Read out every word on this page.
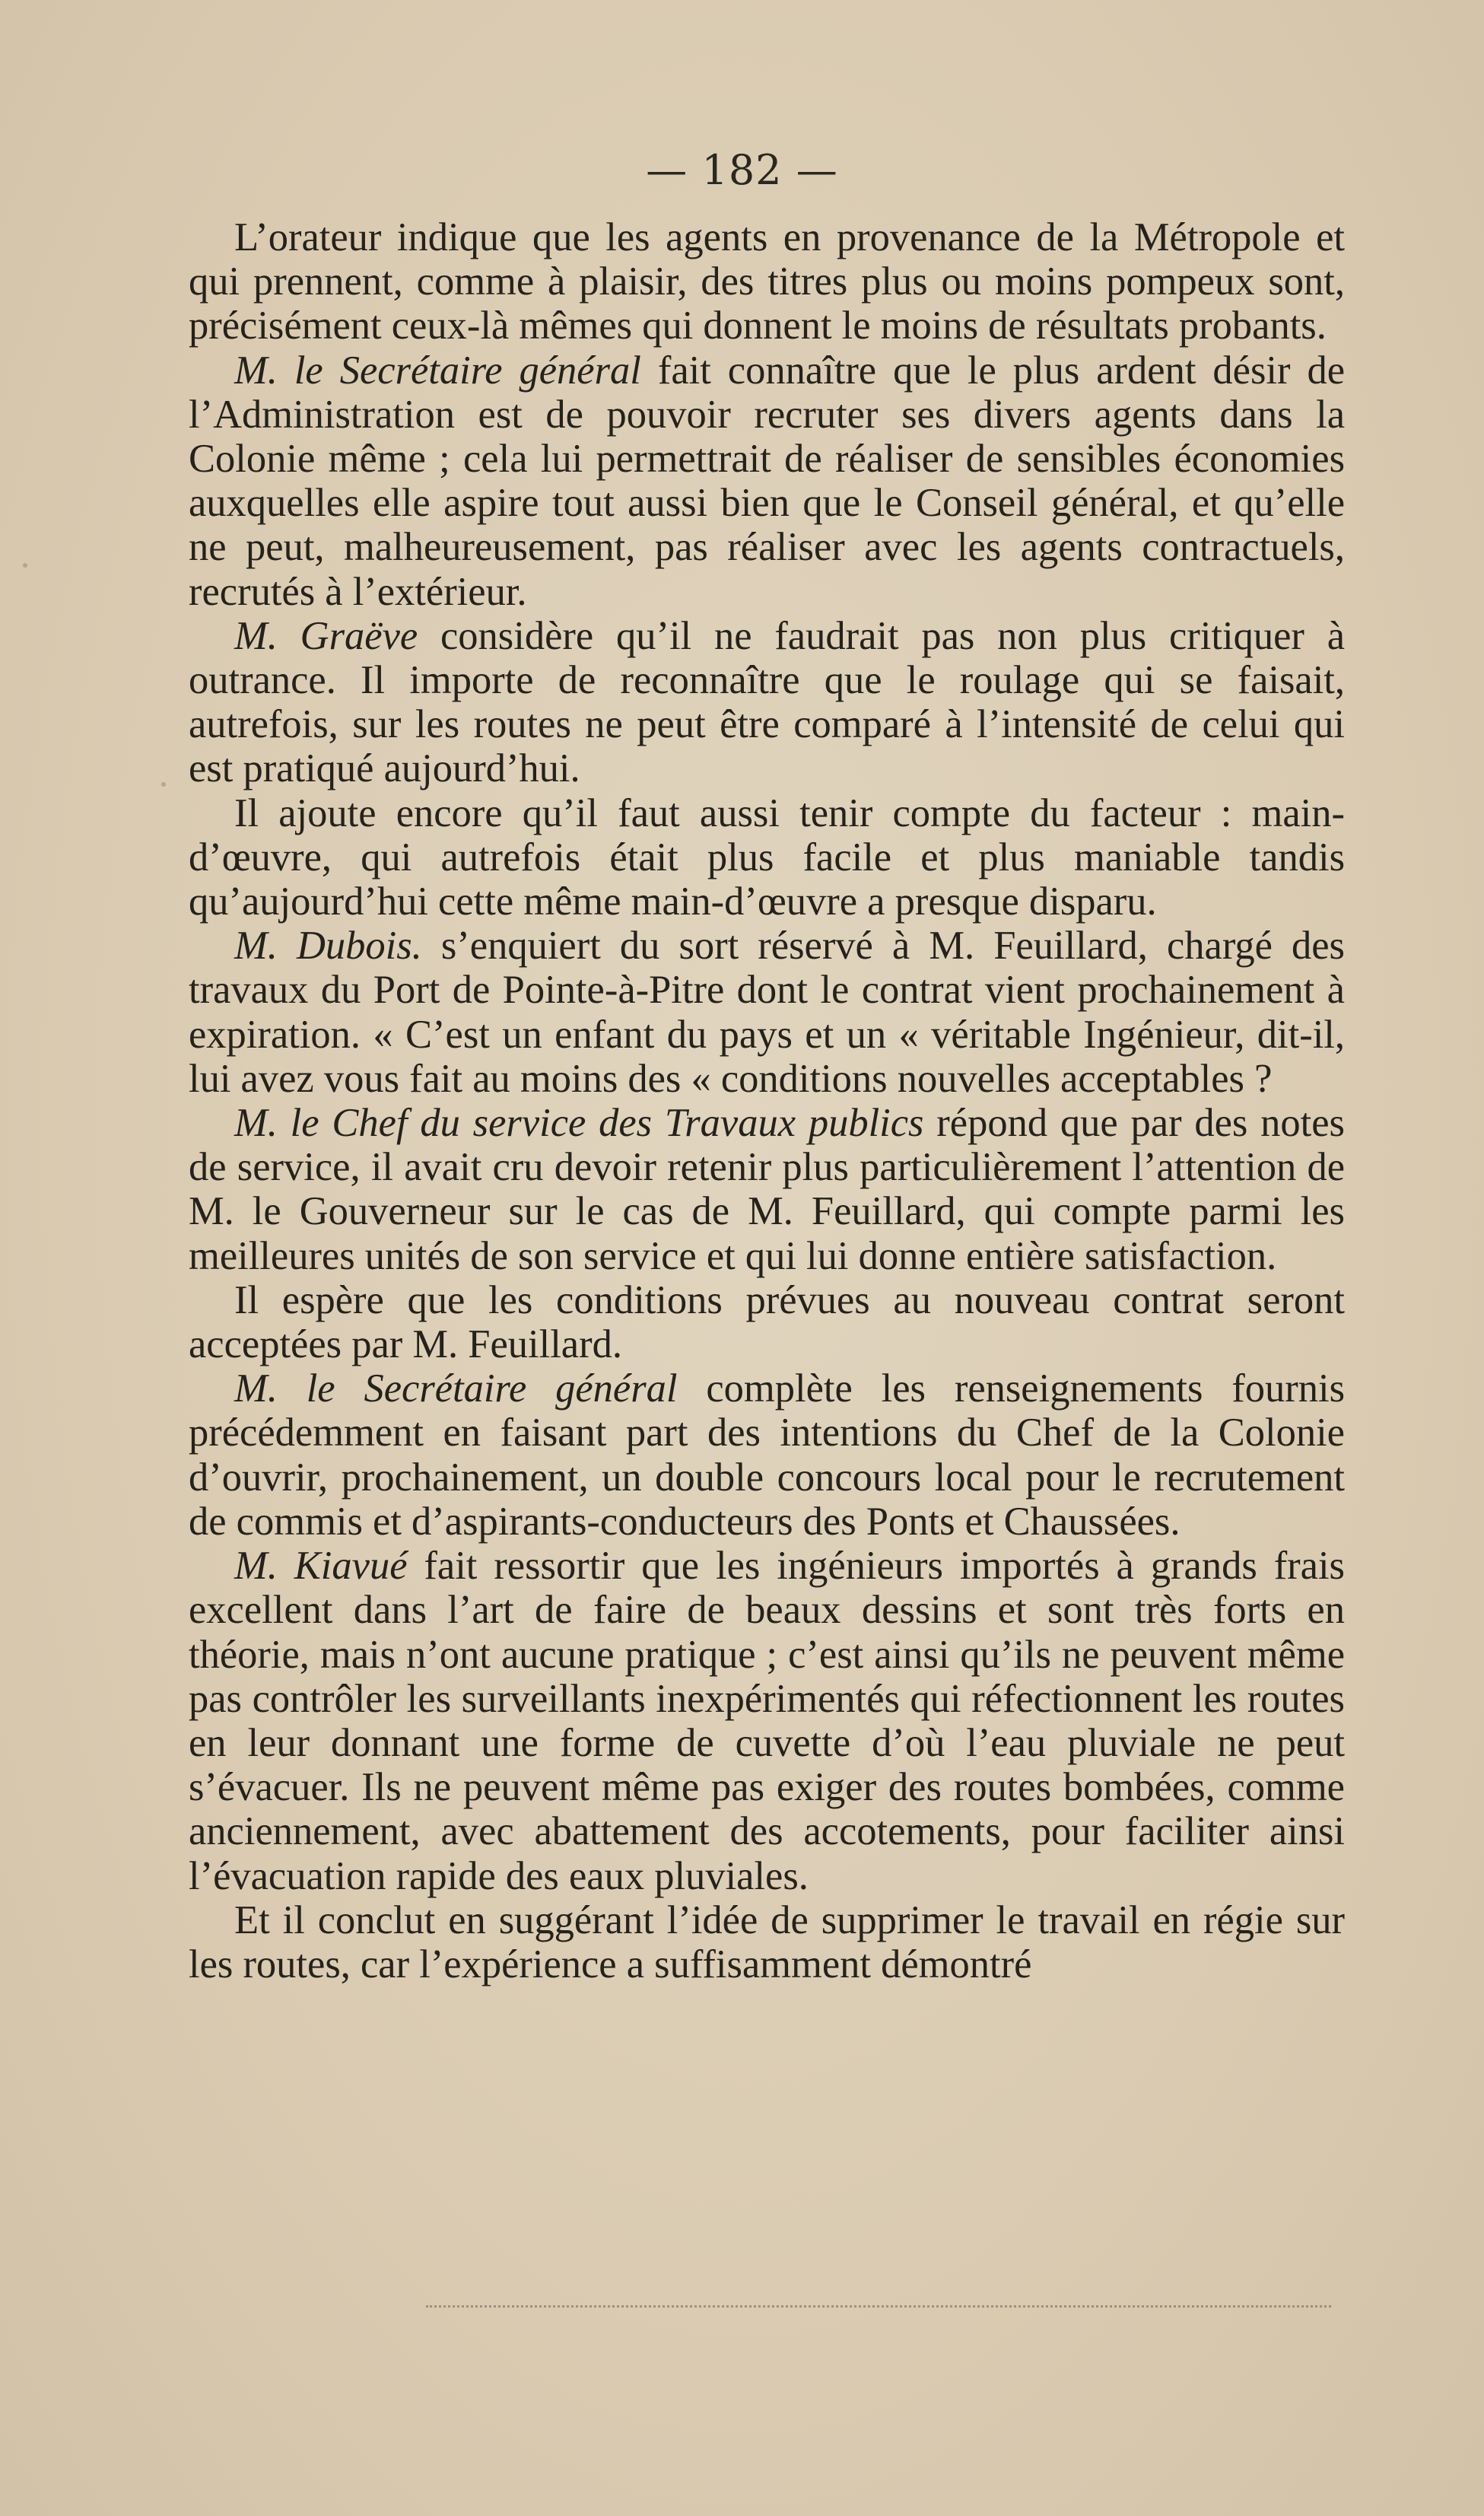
— 182 —

L’orateur indique que les agents en provenance de la Métropole et qui prennent, comme à plaisir, des titres plus ou moins pompeux sont, précisément ceux-là mêmes qui donnent le moins de résultats probants.

M. le Secrétaire général fait connaître que le plus ardent désir de l’Administration est de pouvoir recruter ses divers agents dans la Colonie même ; cela lui permettrait de réaliser de sensibles économies auxquelles elle aspire tout aussi bien que le Conseil général, et qu’elle ne peut, malheureusement, pas réaliser avec les agents contractuels, recrutés à l’extérieur.

M. Graëve considère qu’il ne faudrait pas non plus critiquer à outrance. Il importe de reconnaître que le roulage qui se faisait, autrefois, sur les routes ne peut être comparé à l’intensité de celui qui est pratiqué aujourd’hui.

Il ajoute encore qu’il faut aussi tenir compte du facteur : main-d’œuvre, qui autrefois était plus facile et plus maniable tandis qu’aujourd’hui cette même main-d’œuvre a presque disparu.

M. Dubois. s’enquiert du sort réservé à M. Feuillard, chargé des travaux du Port de Pointe-à-Pitre dont le contrat vient prochainement à expiration. « C’est un enfant du pays et un « véritable Ingénieur, dit-il, lui avez vous fait au moins des « conditions nouvelles acceptables ?

M. le Chef du service des Travaux publics répond que par des notes de service, il avait cru devoir retenir plus particulièrement l’attention de M. le Gouverneur sur le cas de M. Feuillard, qui compte parmi les meilleures unités de son service et qui lui donne entière satisfaction.

Il espère que les conditions prévues au nouveau contrat seront acceptées par M. Feuillard.

M. le Secrétaire général complète les renseignements fournis précédemment en faisant part des intentions du Chef de la Colonie d’ouvrir, prochainement, un double concours local pour le recrutement de commis et d’aspirants-conducteurs des Ponts et Chaussées.

M. Kiavué fait ressortir que les ingénieurs importés à grands frais excellent dans l’art de faire de beaux dessins et sont très forts en théorie, mais n’ont aucune pratique ; c’est ainsi qu’ils ne peuvent même pas contrôler les surveillants inexpérimentés qui réfectionnent les routes en leur donnant une forme de cuvette d’où l’eau pluviale ne peut s’évacuer. Ils ne peuvent même pas exiger des routes bombées, comme anciennement, avec abattement des accotements, pour faciliter ainsi l’évacuation rapide des eaux pluviales.

Et il conclut en suggérant l’idée de supprimer le travail en régie sur les routes, car l’expérience a suffisamment démontré
